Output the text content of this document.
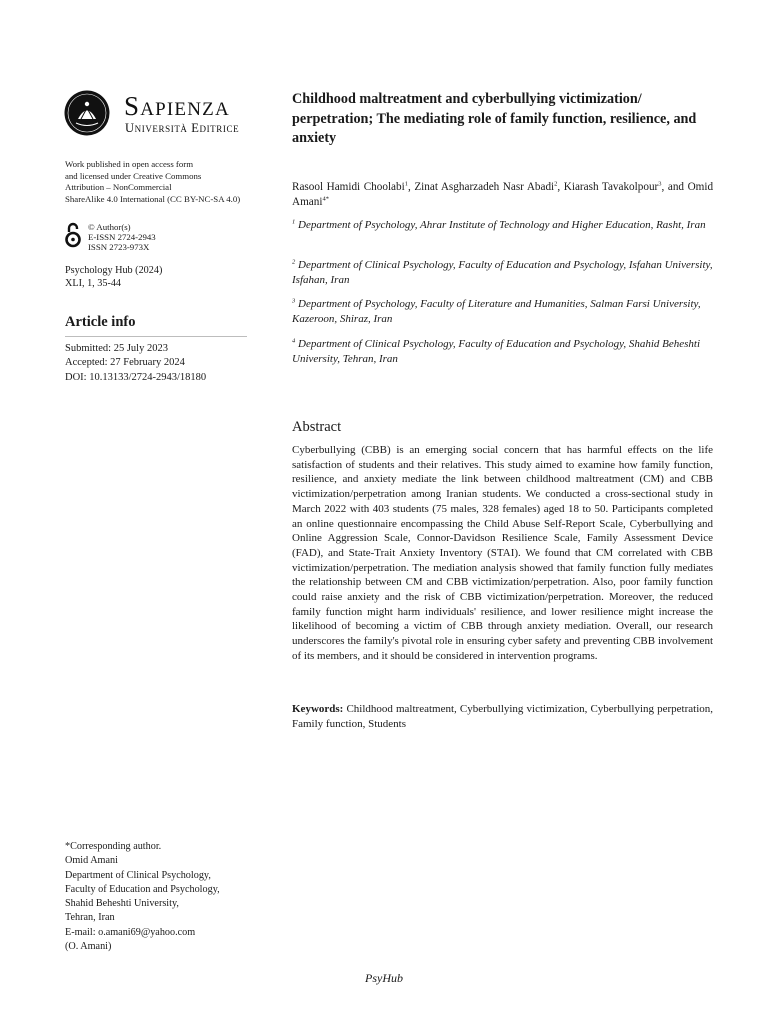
Sapienza
Università Editrice
Work published in open access form
and licensed under Creative Commons
Attribution – NonCommercial
ShareAlike 4.0 International (CC BY-NC-SA 4.0)
© Author(s)
E-ISSN 2724-2943
ISSN 2723-973X
Psychology Hub (2024)
XLI, 1, 35-44
Article info
Submitted: 25 July 2023
Accepted: 27 February 2024
DOI: 10.13133/2724-2943/18180
*Corresponding author.
Omid Amani
Department of Clinical Psychology,
Faculty of Education and Psychology,
Shahid Beheshti University,
Tehran, Iran
E-mail: o.amani69@yahoo.com
(O. Amani)
Childhood maltreatment and cyberbullying victimization/ perpetration; The mediating role of family function, resilience, and anxiety
Rasool Hamidi Choolabi$^1$, Zinat Asgharzadeh Nasr Abadi$^2$, Kiarash Tavakolpour$^3$, and Omid Amani$^{4*}$
$^1$ Department of Psychology, Ahrar Institute of Technology and Higher Education, Rasht, Iran
$^2$ Department of Clinical Psychology, Faculty of Education and Psychology, Isfahan University, Isfahan, Iran
$^3$ Department of Psychology, Faculty of Literature and Humanities, Salman Farsi University, Kazeroon, Shiraz, Iran
$^4$ Department of Clinical Psychology, Faculty of Education and Psychology, Shahid Beheshti University, Tehran, Iran
Abstract

Cyberbullying (CBB) is an emerging social concern that has harmful effects on the life satisfaction of students and their relatives. This study aimed to examine how family function, resilience, and anxiety mediate the link between childhood maltreatment (CM) and CBB victimization/perpetration among Iranian students. We conducted a cross-sectional study in March 2022 with 403 students (75 males, 328 females) aged 18 to 50. Participants completed an online questionnaire encompassing the Child Abuse Self-Report Scale, Cyberbullying and Online Aggression Scale, Connor-Davidson Resilience Scale, Family Assessment Device (FAD), and State-Trait Anxiety Inventory (STAI). We found that CM correlated with CBB victimization/perpetration. The mediation analysis showed that family function fully mediates the relationship between CM and CBB victimization/perpetration. Also, poor family function could raise anxiety and the risk of CBB victimization/perpetration. Moreover, the reduced family function might harm individuals' resilience, and lower resilience might increase the likelihood of becoming a victim of CBB through anxiety mediation. Overall, our research underscores the family's pivotal role in ensuring cyber safety and preventing CBB involvement of its members, and it should be considered in intervention programs.

Keywords: Childhood maltreatment, Cyberbullying victimization, Cyberbullying perpetration, Family function, Students

PsyHub
